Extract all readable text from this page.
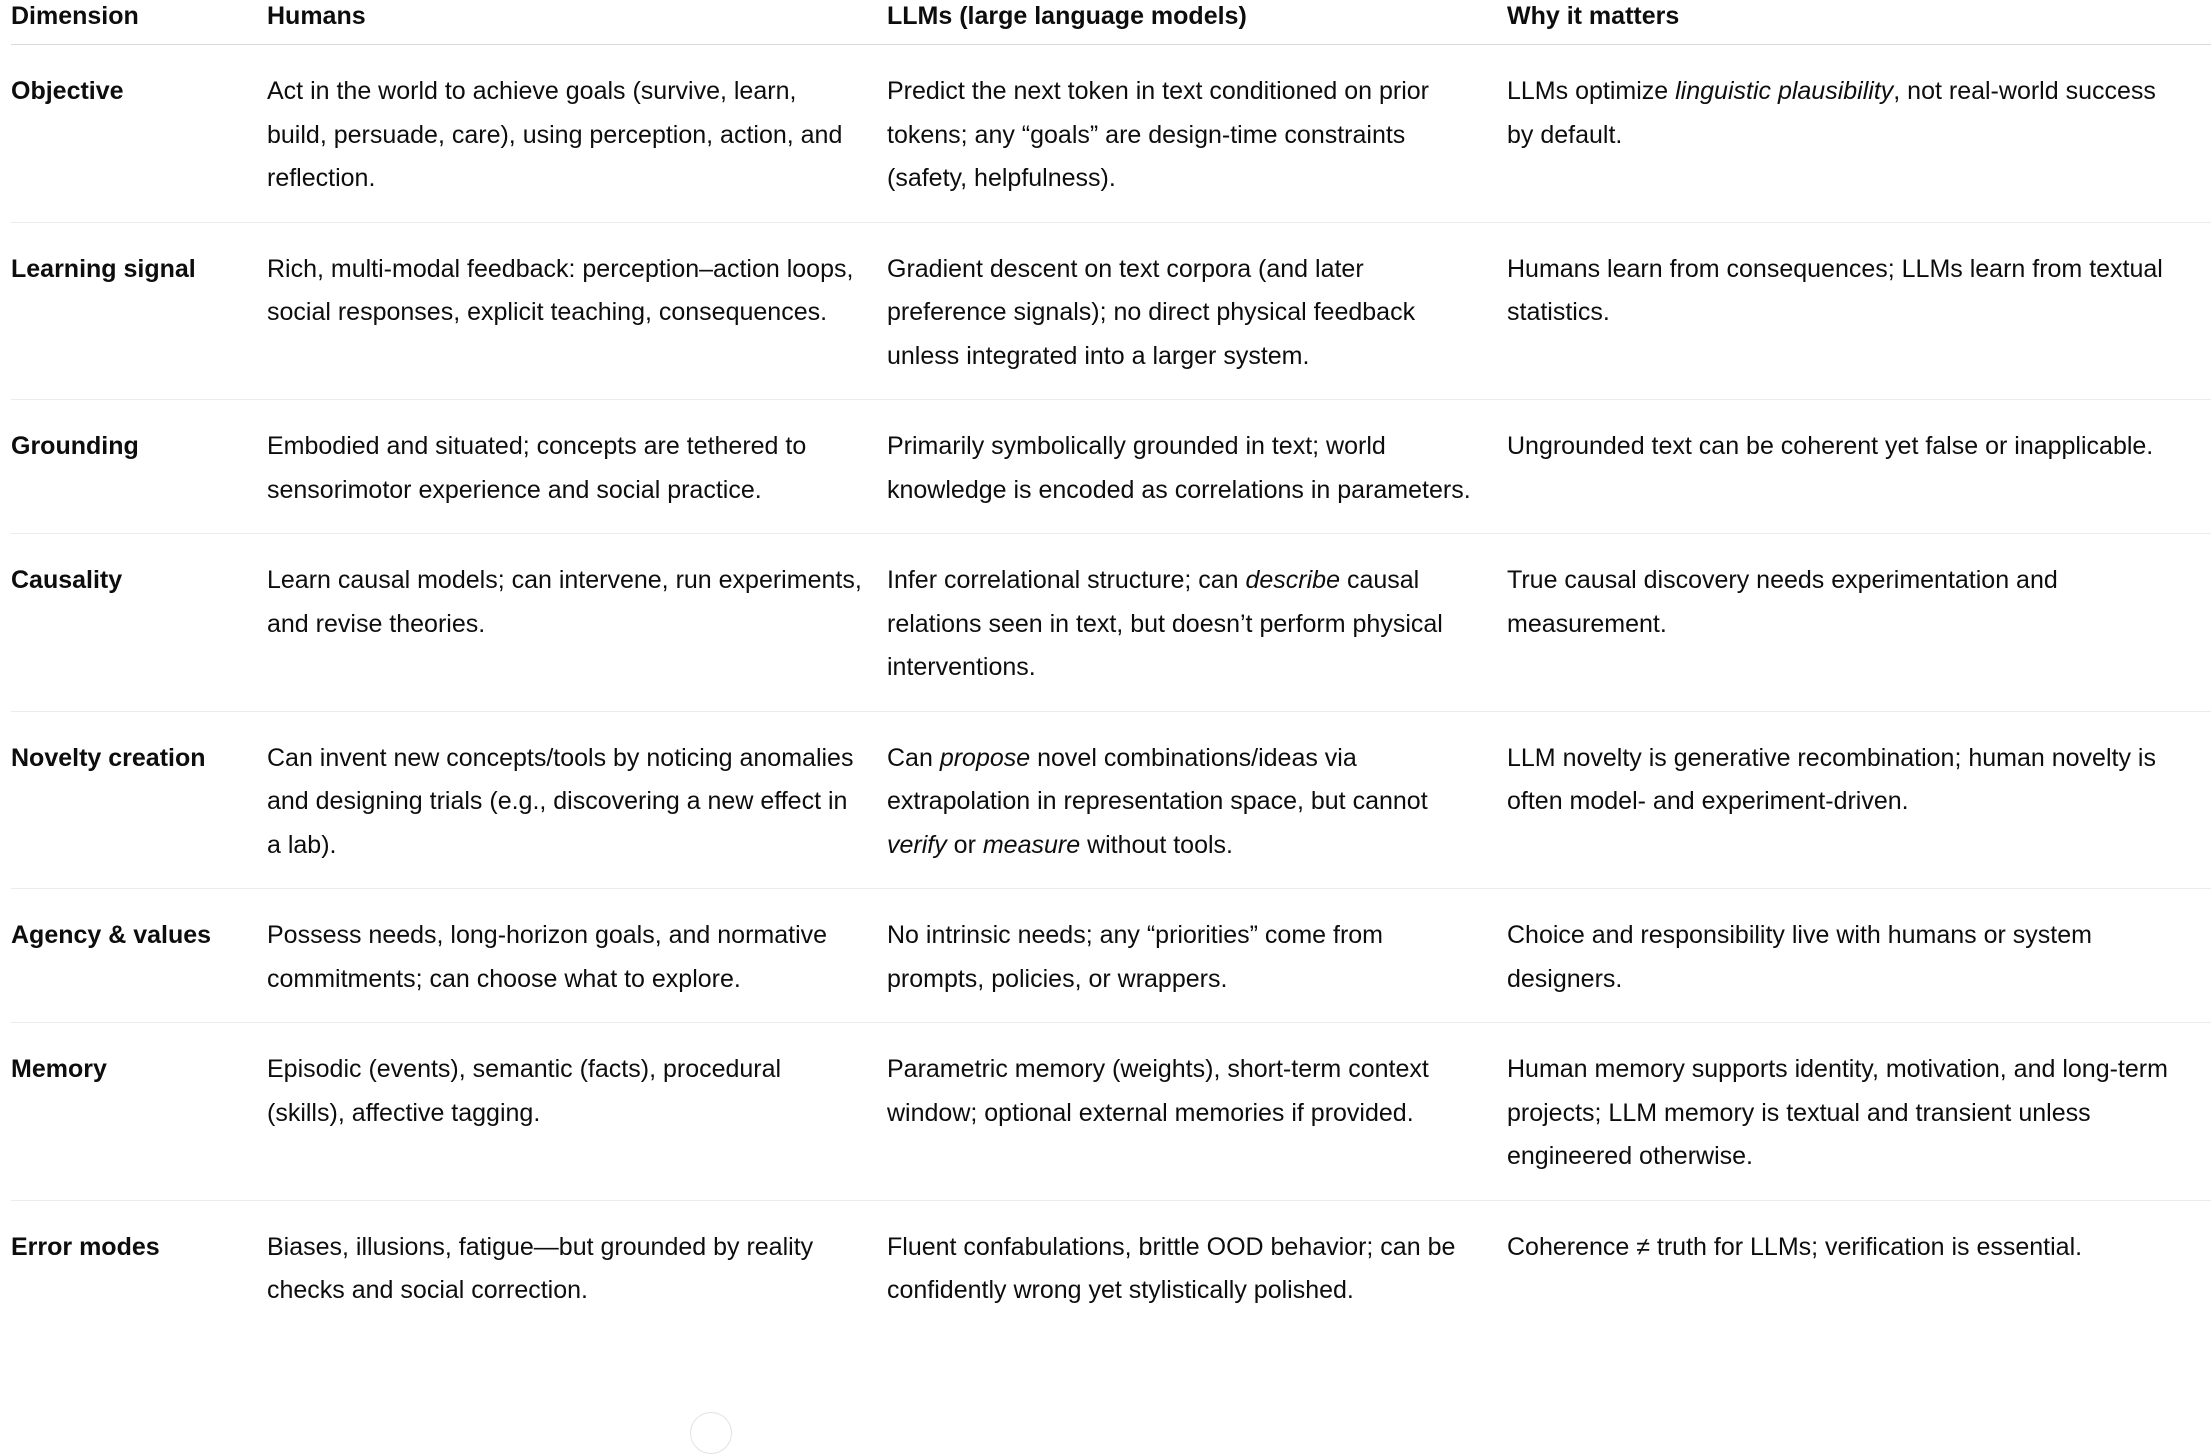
Dimension	Humans	LLMs (large language models)	Why it matters
Objective	Act in the world to achieve goals (survive, learn, build, persuade, care), using perception, action, and reflection.	Predict the next token in text conditioned on prior tokens; any “goals” are design-time constraints (safety, helpfulness).	LLMs optimize linguistic plausibility, not real-world success by default.
Learning signal	Rich, multi-modal feedback: perception–action loops, social responses, explicit teaching, consequences.	Gradient descent on text corpora (and later preference signals); no direct physical feedback unless integrated into a larger system.	Humans learn from consequences; LLMs learn from textual statistics.
Grounding	Embodied and situated; concepts are tethered to sensorimotor experience and social practice.	Primarily symbolically grounded in text; world knowledge is encoded as correlations in parameters.	Ungrounded text can be coherent yet false or inapplicable.
Causality	Learn causal models; can intervene, run experiments, and revise theories.	Infer correlational structure; can describe causal relations seen in text, but doesn’t perform physical interventions.	True causal discovery needs experimentation and measurement.
Novelty creation	Can invent new concepts/tools by noticing anomalies and designing trials (e.g., discovering a new effect in a lab).	Can propose novel combinations/ideas via extrapolation in representation space, but cannot verify or measure without tools.	LLM novelty is generative recombination; human novelty is often model- and experiment-driven.
Agency & values	Possess needs, long-horizon goals, and normative commitments; can choose what to explore.	No intrinsic needs; any “priorities” come from prompts, policies, or wrappers.	Choice and responsibility live with humans or system designers.
Memory	Episodic (events), semantic (facts), procedural (skills), affective tagging.	Parametric memory (weights), short-term context window; optional external memories if provided.	Human memory supports identity, motivation, and long-term projects; LLM memory is textual and transient unless engineered otherwise.
Error modes	Biases, illusions, fatigue—but grounded by reality checks and social correction.	Fluent confabulations, brittle OOD behavior; can be confidently wrong yet stylistically polished.	Coherence ≠ truth for LLMs; verification is essential.
